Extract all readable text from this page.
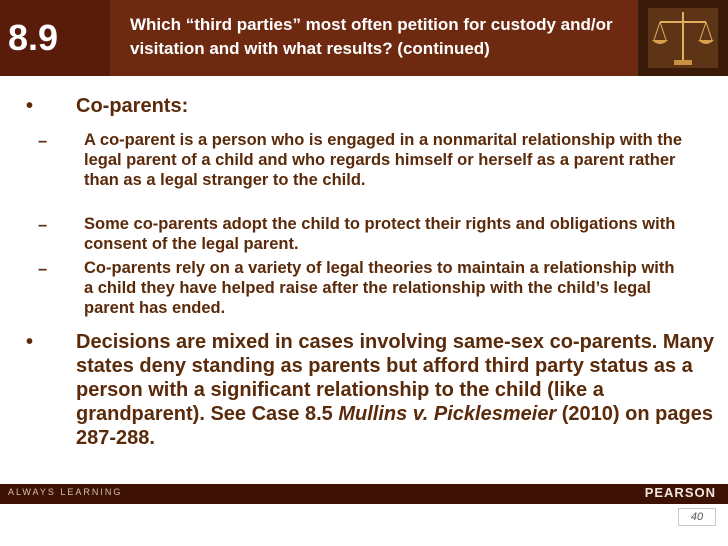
8.9	Which “third parties” most often petition for custody and/or visitation and with what results? (continued)
• Co-parents:
– A co-parent is a person who is engaged in a nonmarital relationship with the legal parent of a child and who regards himself or herself as a parent rather than as a legal stranger to the child.
– Some co-parents adopt the child to protect their rights and obligations with consent of the legal parent.
– Co-parents rely on a variety of legal theories to maintain a relationship with a child they have helped raise after the relationship with the child’s legal parent has ended.
• Decisions are mixed in cases involving same-sex co-parents. Many states deny standing as parents but afford third party status as a person with a significant relationship to the child (like a grandparent). See Case 8.5 Mullins v. Picklesmeier (2010) on pages 287-288.
ALWAYS LEARNING	PEARSON
40
